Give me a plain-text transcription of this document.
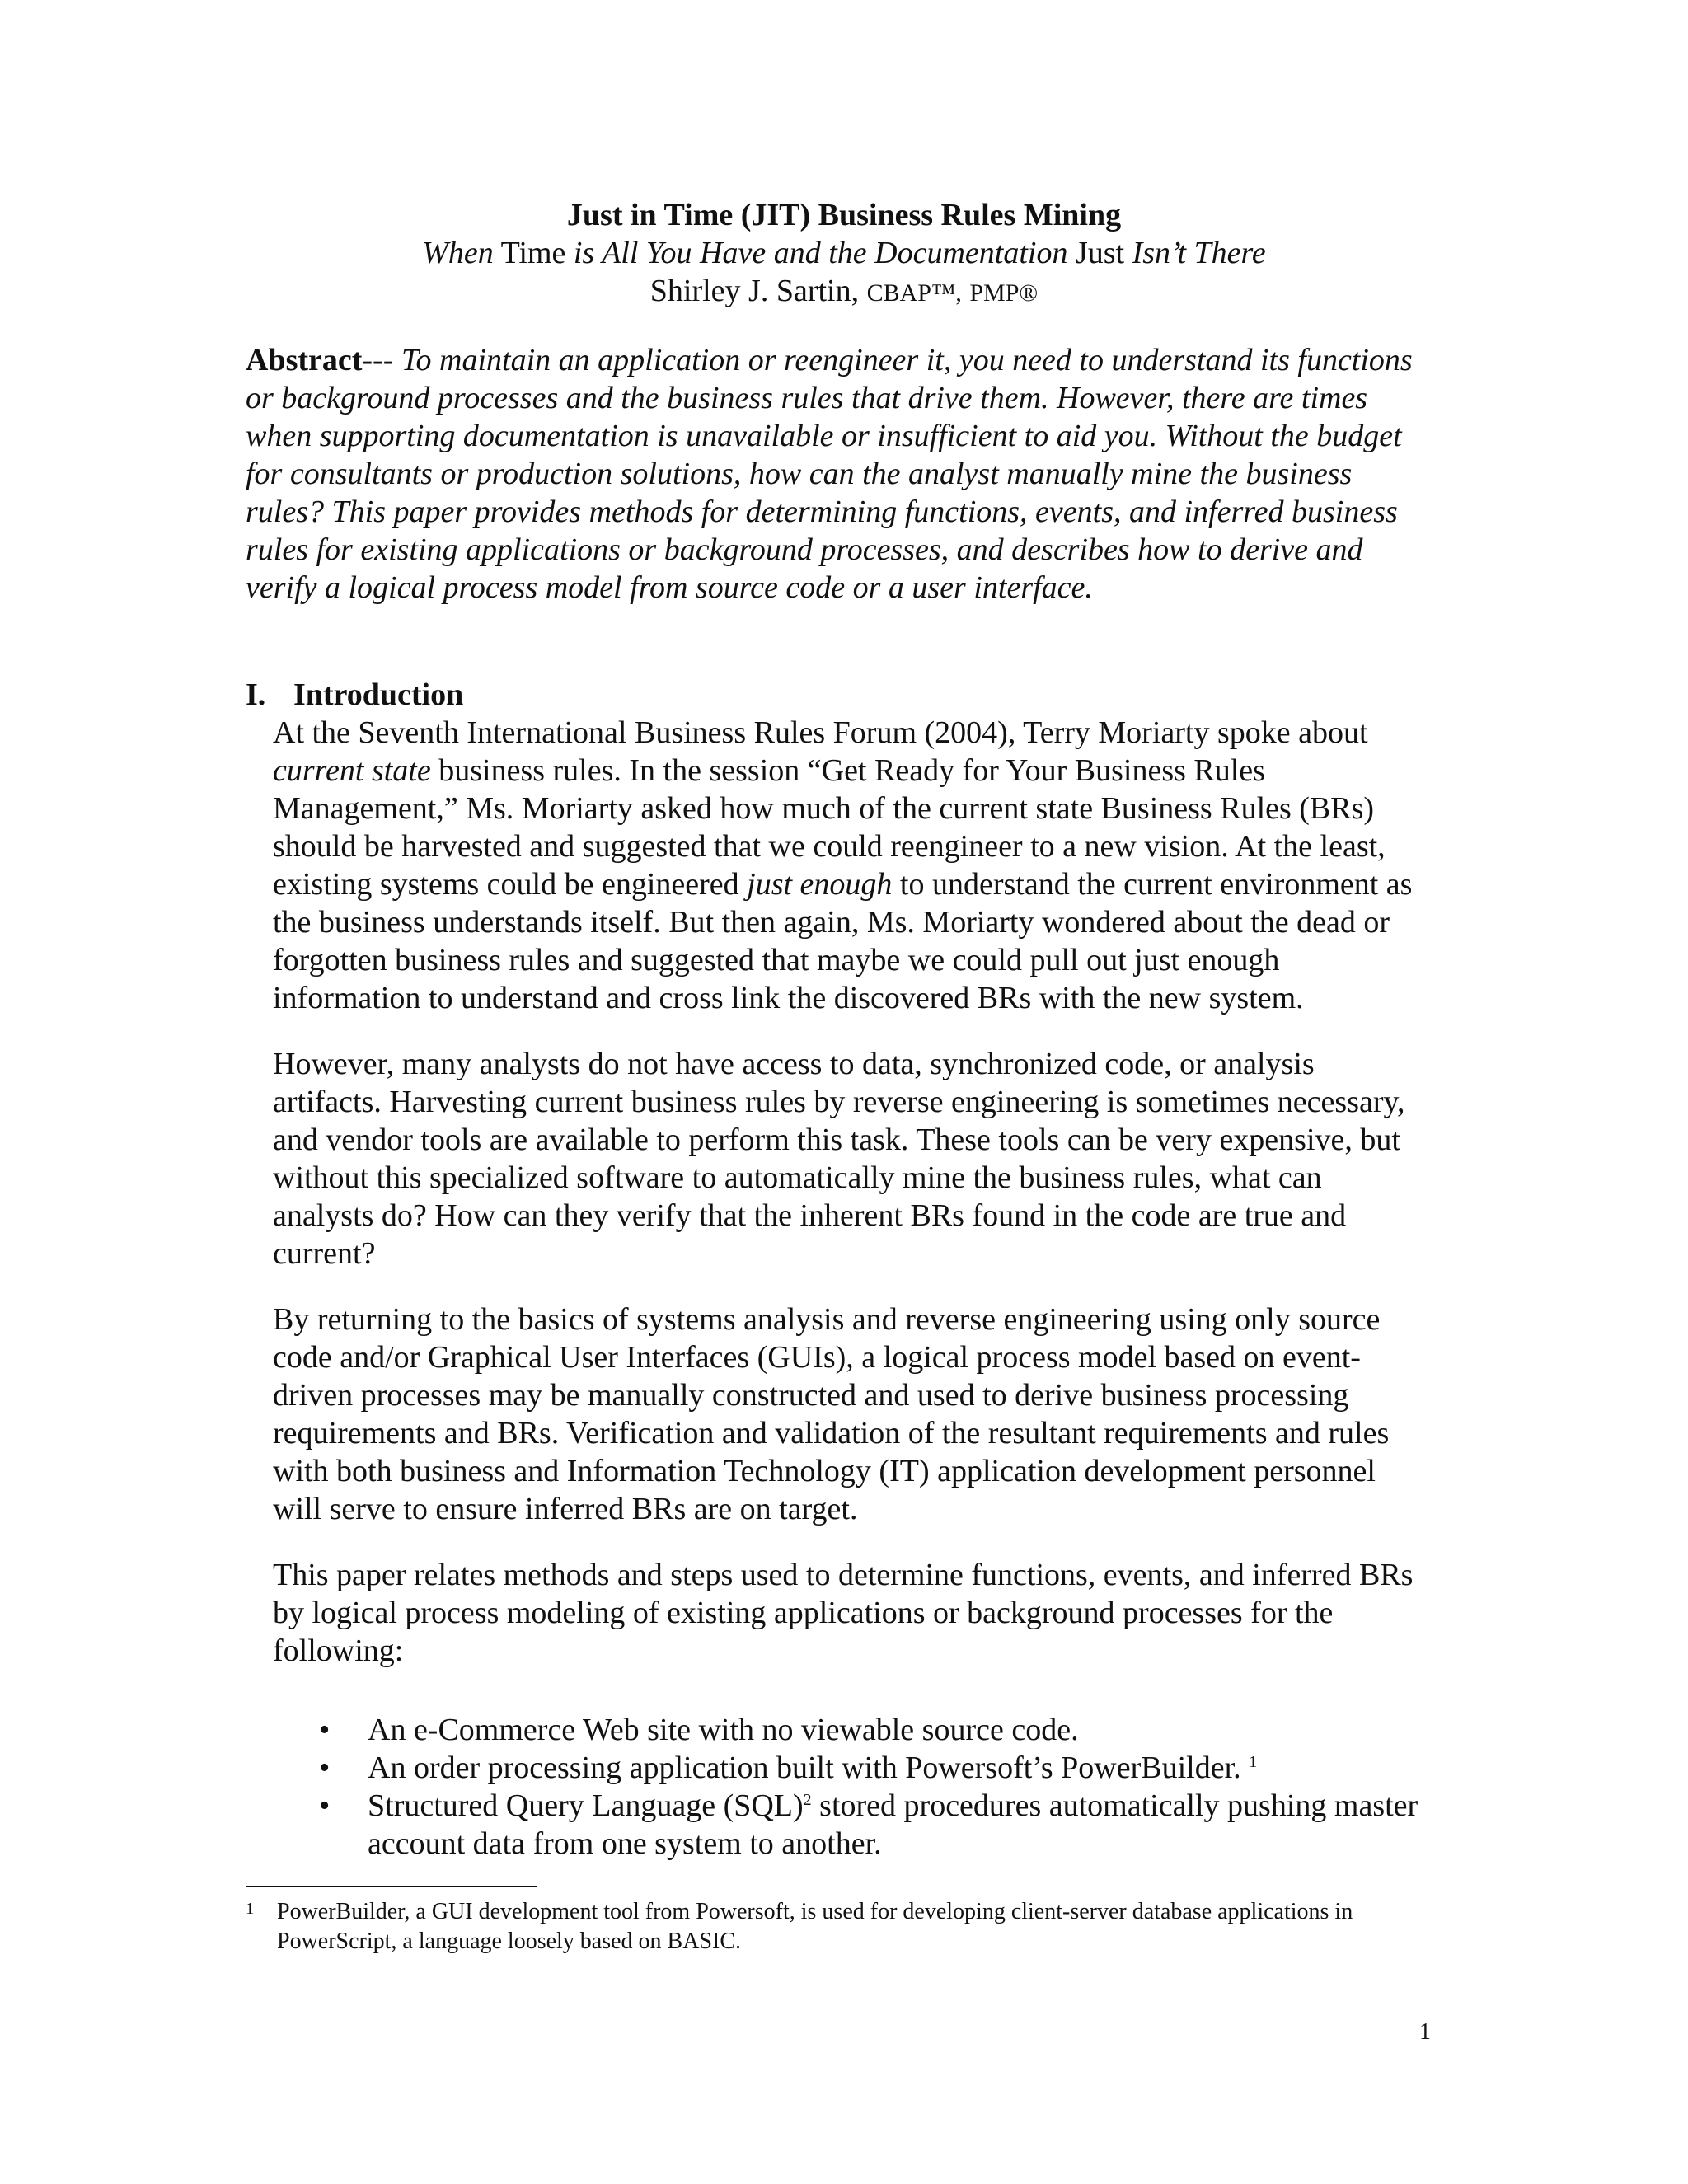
Just in Time (JIT) Business Rules Mining

When Time is All You Have and the Documentation Just Isn’t There

Shirley J. Sartin, CBAP™, PMP®

Abstract--- To maintain an application or reengineer it, you need to understand its functions or background processes and the business rules that drive them. However, there are times when supporting documentation is unavailable or insufficient to aid you. Without the budget for consultants or production solutions, how can the analyst manually mine the business rules? This paper provides methods for determining functions, events, and inferred business rules for existing applications or background processes, and describes how to derive and verify a logical process model from source code or a user interface.
I. Introduction
At the Seventh International Business Rules Forum (2004), Terry Moriarty spoke about current state business rules. In the session “Get Ready for Your Business Rules Management,” Ms. Moriarty asked how much of the current state Business Rules (BRs) should be harvested and suggested that we could reengineer to a new vision. At the least, existing systems could be engineered just enough to understand the current environment as the business understands itself. But then again, Ms. Moriarty wondered about the dead or forgotten business rules and suggested that maybe we could pull out just enough information to understand and cross link the discovered BRs with the new system.
However, many analysts do not have access to data, synchronized code, or analysis artifacts. Harvesting current business rules by reverse engineering is sometimes necessary, and vendor tools are available to perform this task. These tools can be very expensive, but without this specialized software to automatically mine the business rules, what can analysts do? How can they verify that the inherent BRs found in the code are true and current?
By returning to the basics of systems analysis and reverse engineering using only source code and/or Graphical User Interfaces (GUIs), a logical process model based on event-driven processes may be manually constructed and used to derive business processing requirements and BRs. Verification and validation of the resultant requirements and rules with both business and Information Technology (IT) application development personnel will serve to ensure inferred BRs are on target.
This paper relates methods and steps used to determine functions, events, and inferred BRs by logical process modeling of existing applications or background processes for the following:
• An e-Commerce Web site with no viewable source code.
• An order processing application built with Powersoft’s PowerBuilder. $^1$
• Structured Query Language (SQL)$^2$ stored procedures automatically pushing master account data from one system to another.
1	PowerBuilder, a GUI development tool from Powersoft, is used for developing client-server database applications in PowerScript, a language loosely based on BASIC.
1
